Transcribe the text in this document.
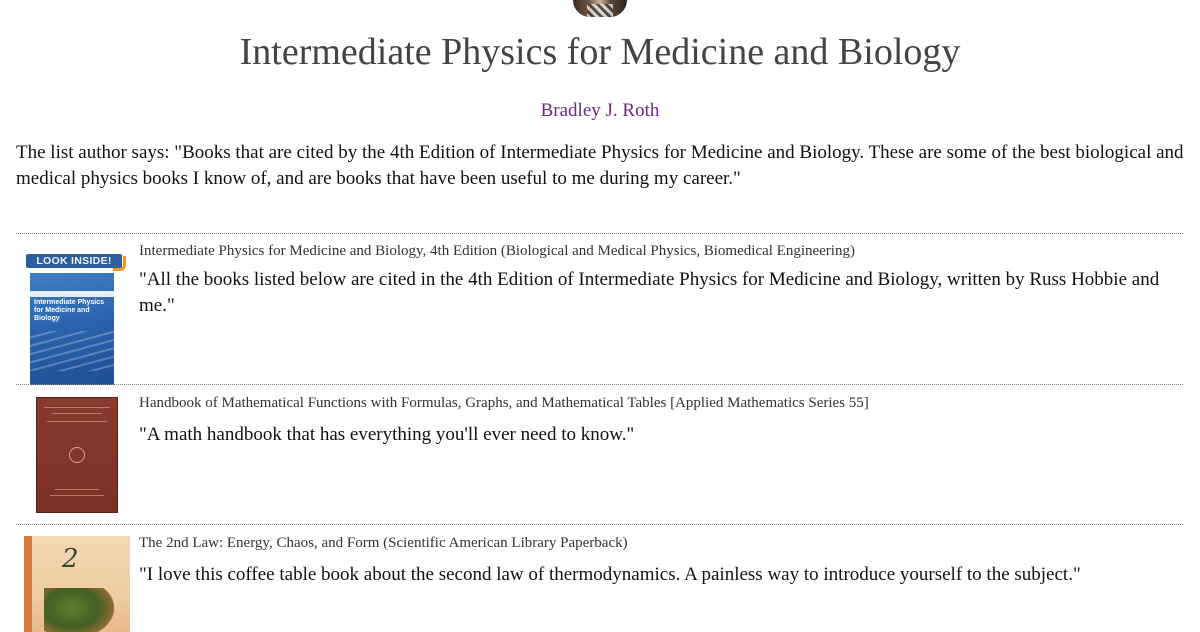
Intermediate Physics for Medicine and Biology
Bradley J. Roth

The list author says: "Books that are cited by the 4th Edition of Intermediate Physics for Medicine and Biology. These are some of the best biological and medical physics books I know of, and are books that have been useful to me during my career."

LOOK INSIDE!
Intermediate Physics for Medicine and Biology
Intermediate Physics for Medicine and Biology, 4th Edition (Biological and Medical Physics, Biomedical Engineering)

"All the books listed below are cited in the 4th Edition of Intermediate Physics for Medicine and Biology, written by Russ Hobbie and me."

Handbook of Mathematical Functions with Formulas, Graphs, and Mathematical Tables [Applied Mathematics Series 55]

"A math handbook that has everything you'll ever need to know."

2
The 2nd Law: Energy, Chaos, and Form (Scientific American Library Paperback)

"I love this coffee table book about the second law of thermodynamics. A painless way to introduce yourself to the subject."
